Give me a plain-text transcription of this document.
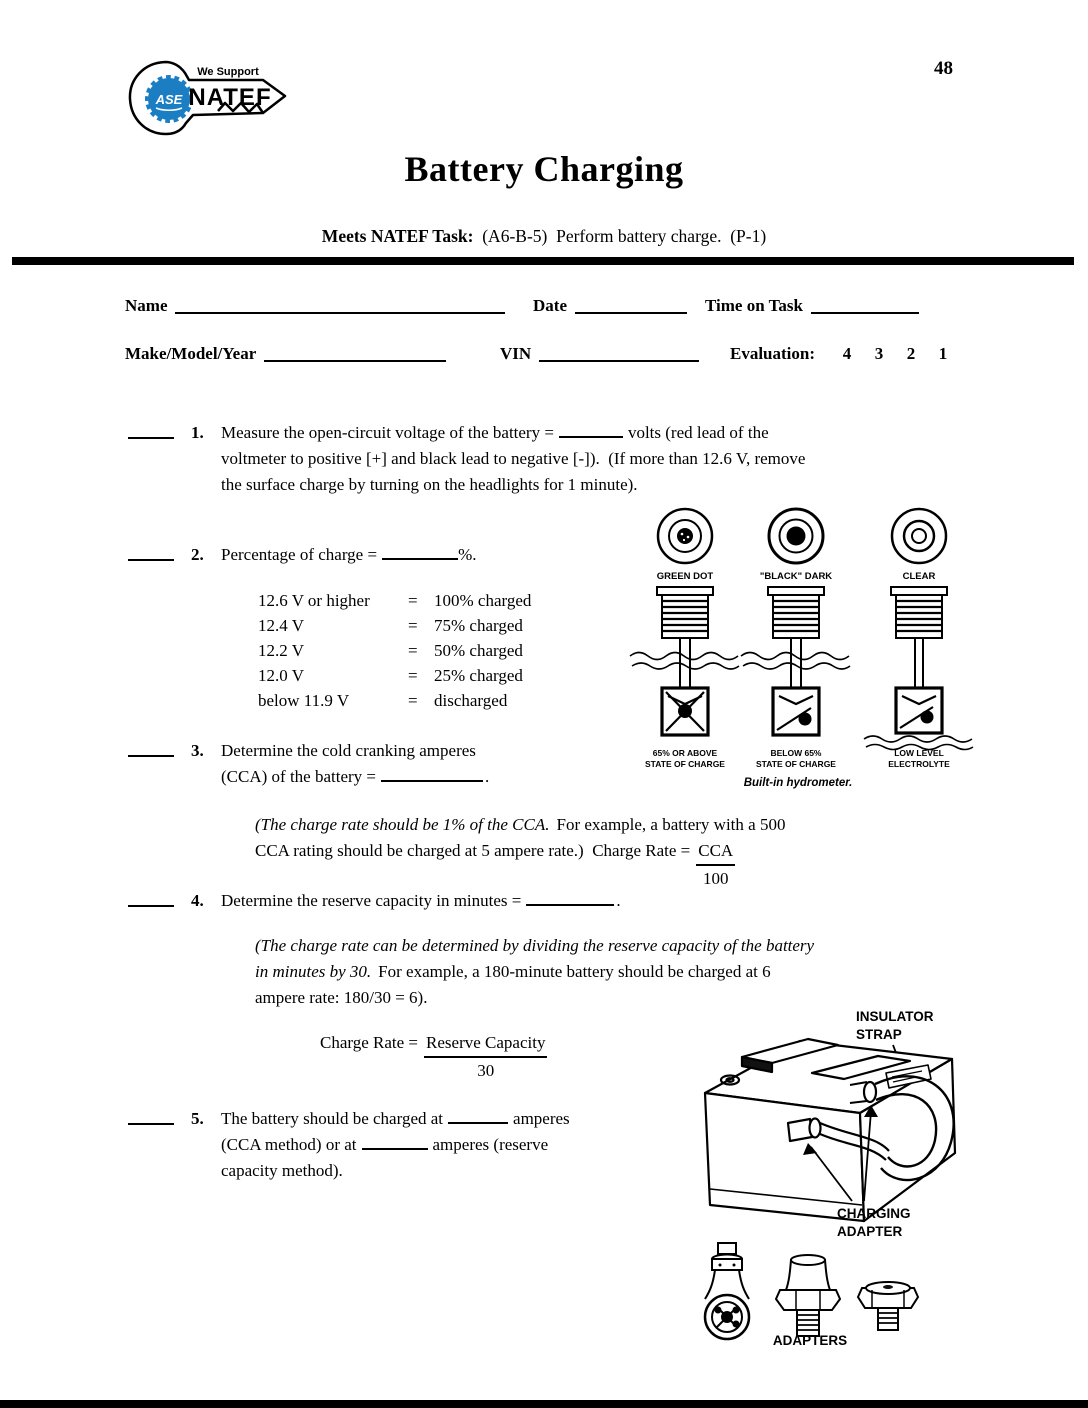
48
ASE
We Support
NATEF
Battery Charging
Meets NATEF Task:  (A6-B-5)  Perform battery charge.  (P-1)
Name	Date	Time on Task
Make/Model/Year	VIN	Evaluation:	4	3	2	1
1.	Measure the open-circuit voltage of the battery =	volts (red lead of the
voltmeter to positive [+] and black lead to negative [-]).  (If more than 12.6 V, remove
the surface charge by turning on the headlights for 1 minute).
2.	Percentage of charge =	%.
12.6 V or higher	= 100% charged
12.4 V	= 75% charged
12.2 V	= 50% charged
12.0 V	= 25% charged
below 11.9 V	= discharged
GREEN DOT
65% OR ABOVE
STATE OF CHARGE
"BLACK" DARK
BELOW 65%
STATE OF CHARGE
CLEAR
LOW LEVEL
ELECTROLYTE
Built-in hydrometer.
3.	Determine the cold cranking amperes
(CCA) of the battery =	.
(The charge rate should be 1% of the CCA. For example, a battery with a 500
CCA rating should be charged at 5 ampere rate.)  Charge Rate = CCA
100
4.	Determine the reserve capacity in minutes =	.
(The charge rate can be determined by dividing the reserve capacity of the battery
in minutes by 30. For example, a 180-minute battery should be charged at 6
ampere rate: 180/30 = 6).
Charge Rate = Reserve Capacity
30
5.	The battery should be charged at	amperes
(CCA method) or at	amperes (reserve
capacity method).
INSULATOR
STRAP
CHARGING
ADAPTER
ADAPTERS
